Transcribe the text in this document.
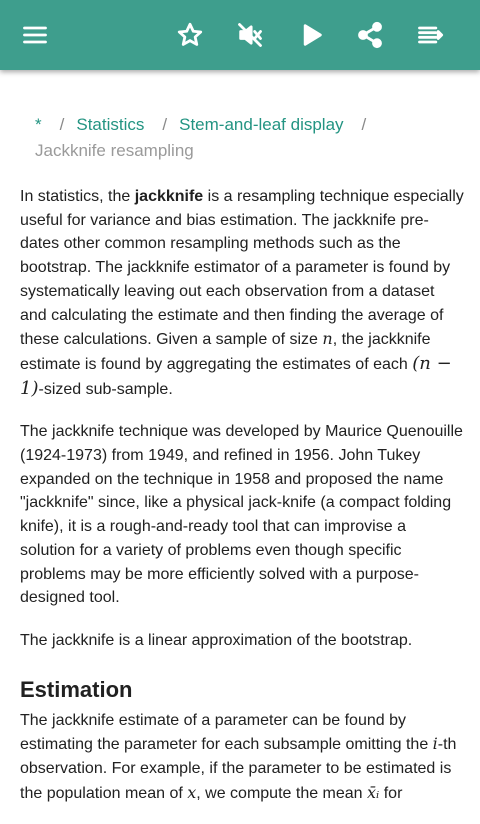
* / Statistics / Stem-and-leaf display /
Jackknife resampling

In statistics, the jackknife is a resampling technique especially useful for variance and bias estimation. The jackknife pre-dates other common resampling methods such as the bootstrap. The jackknife estimator of a parameter is found by systematically leaving out each observation from a dataset and calculating the estimate and then finding the average of these calculations. Given a sample of size n, the jackknife estimate is found by aggregating the estimates of each (n − 1)-sized sub-sample.

The jackknife technique was developed by Maurice Quenouille (1924-1973) from 1949, and refined in 1956. John Tukey expanded on the technique in 1958 and proposed the name "jackknife" since, like a physical jack-knife (a compact folding knife), it is a rough-and-ready tool that can improvise a solution for a variety of problems even though specific problems may be more efficiently solved with a purpose-designed tool.

The jackknife is a linear approximation of the bootstrap.

Estimation

The jackknife estimate of a parameter can be found by estimating the parameter for each subsample omitting the i-th observation. For example, if the parameter to be estimated is the population mean of x, we compute the mean x̄ᵢ for
